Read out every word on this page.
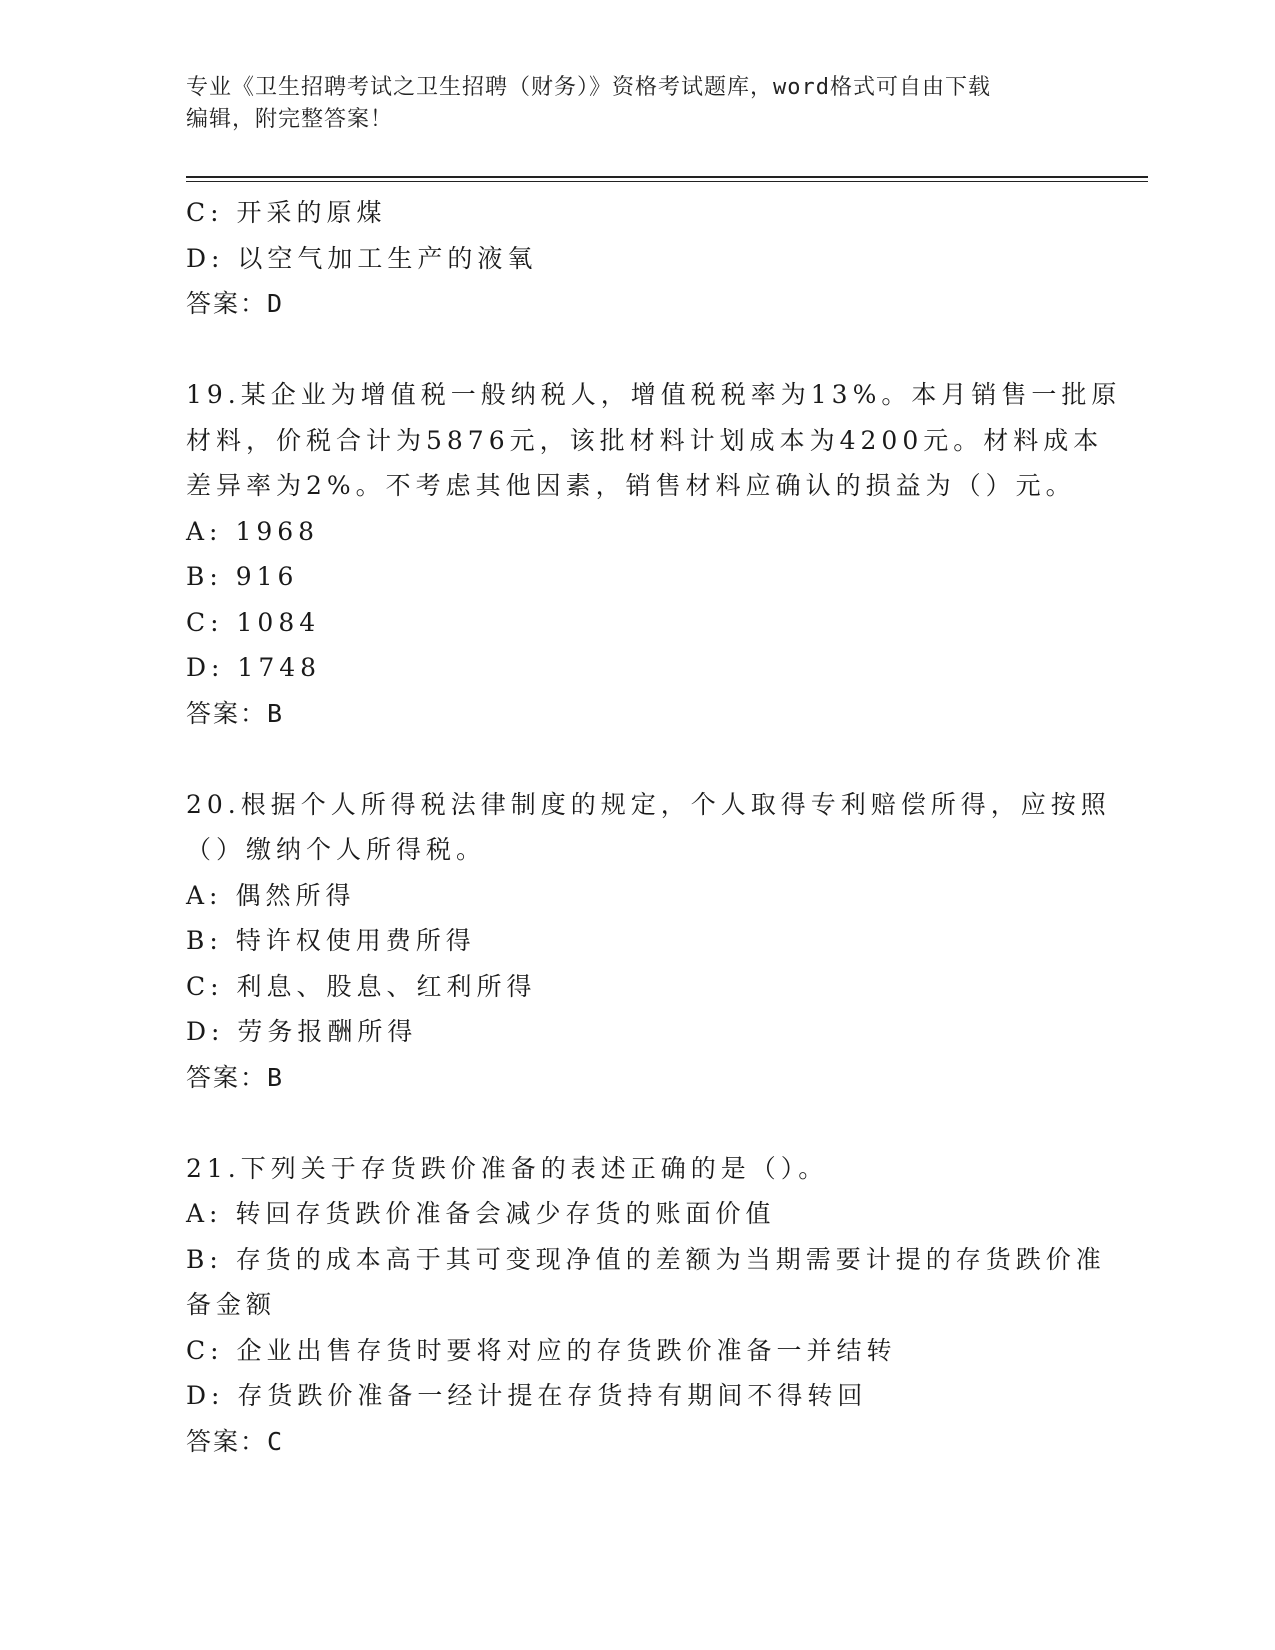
专业《卫生招聘考试之卫生招聘（财务）》资格考试题库，word格式可自由下载
编辑，附完整答案！
C: 开采的原煤
D: 以空气加工生产的液氧
答案：D
19.某企业为增值税一般纳税人，增值税税率为13%。本月销售一批原
材料，价税合计为5876元，该批材料计划成本为4200元。材料成本
差异率为2%。不考虑其他因素，销售材料应确认的损益为（）元。
A: 1968
B: 916
C: 1084
D: 1748
答案：B
20.根据个人所得税法律制度的规定，个人取得专利赔偿所得，应按照
（）缴纳个人所得税。
A: 偶然所得
B: 特许权使用费所得
C: 利息、股息、红利所得
D: 劳务报酬所得
答案：B
21.下列关于存货跌价准备的表述正确的是（）。
A: 转回存货跌价准备会减少存货的账面价值
B: 存货的成本高于其可变现净值的差额为当期需要计提的存货跌价准
备金额
C: 企业出售存货时要将对应的存货跌价准备一并结转
D: 存货跌价准备一经计提在存货持有期间不得转回
答案：C
